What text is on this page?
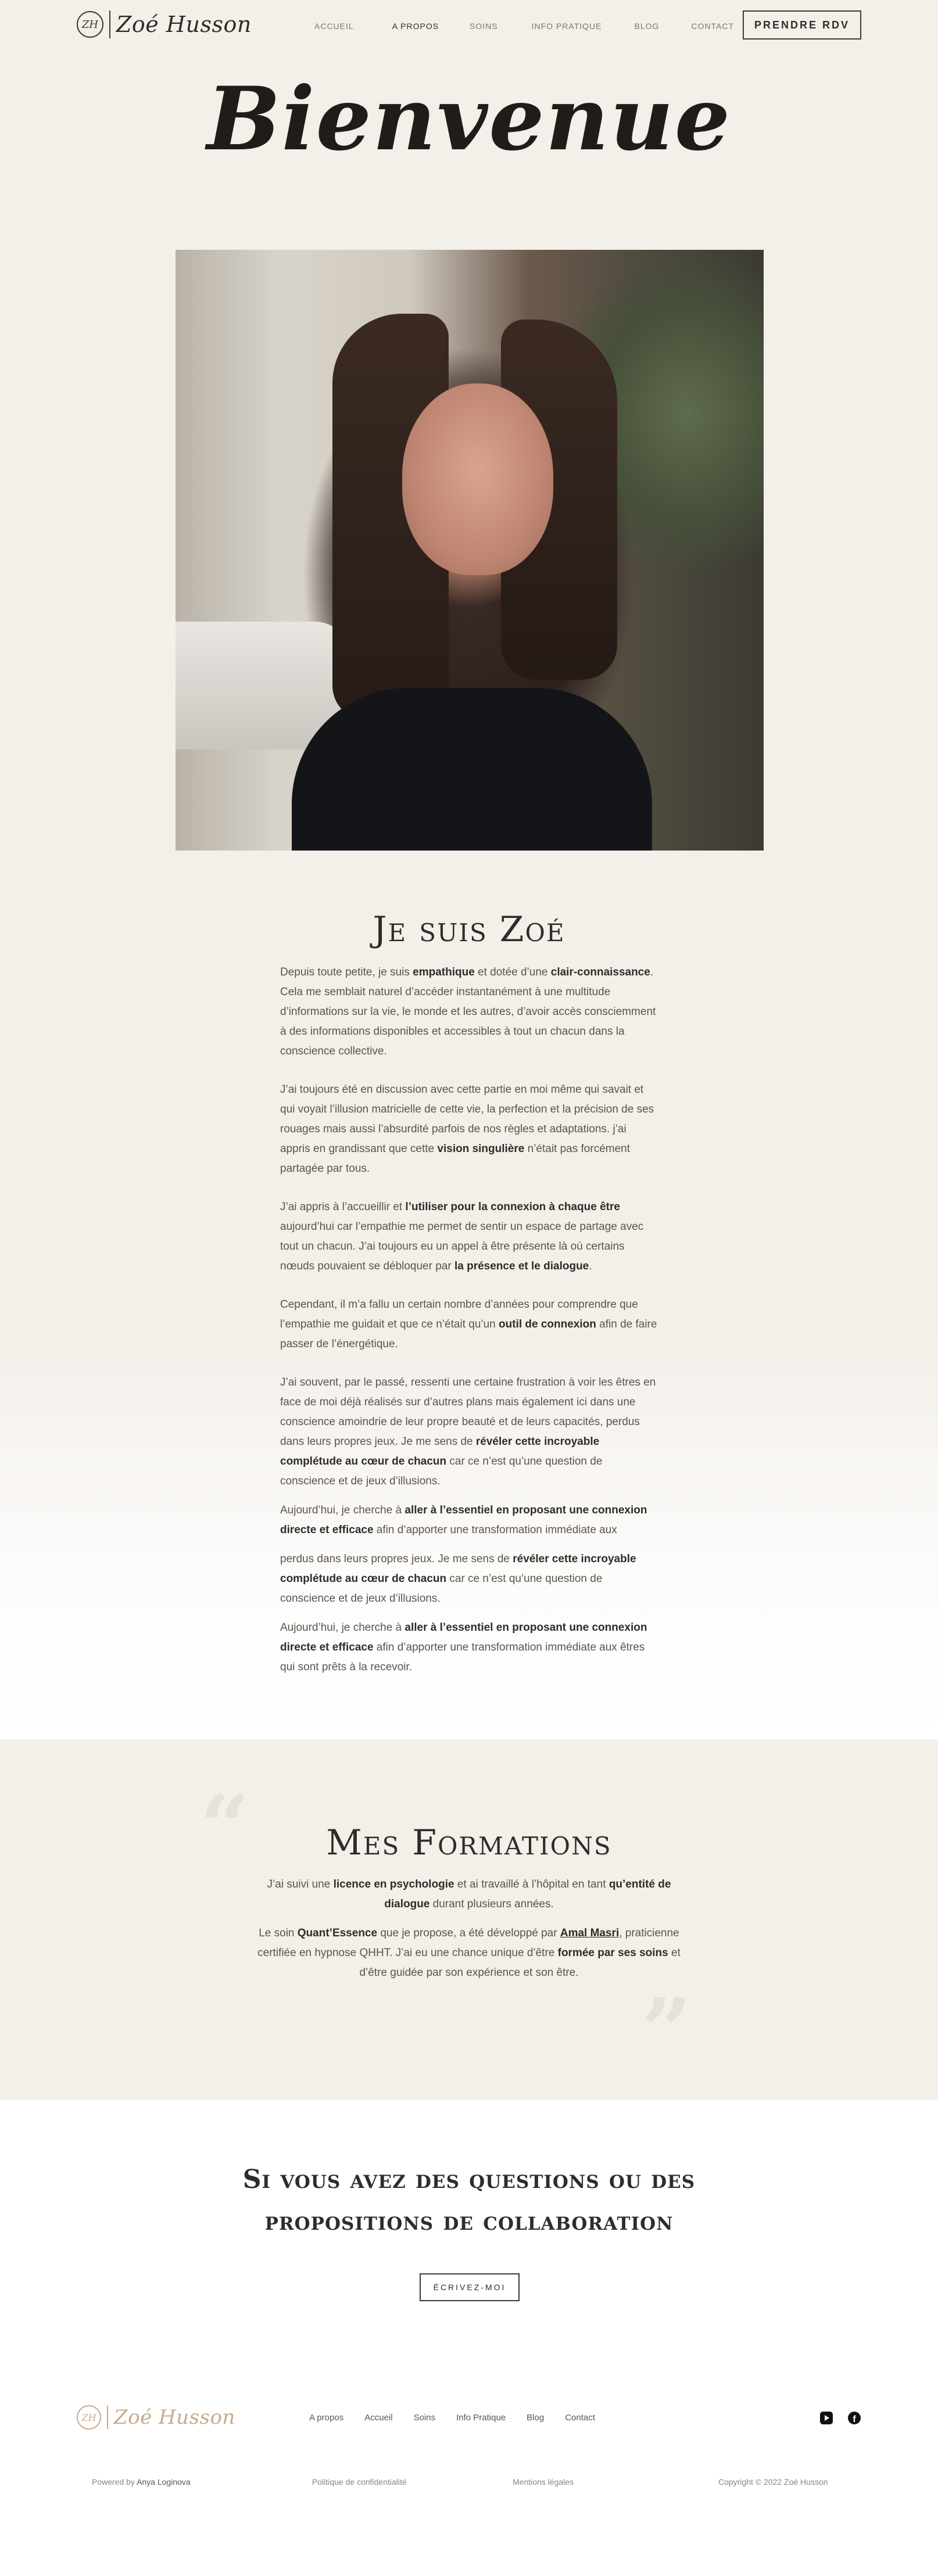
ZH Zoé Husson	ACCUEIL	A PROPOS	SOINS	INFO PRATIQUE	BLOG	CONTACT	PRENDRE RDV
Bienvenue
Je suis Zoé

Depuis toute petite, je suis empathique et dotée d’une clair-connaissance. Cela me semblait naturel d’accéder instantanément à une multitude d’informations sur la vie, le monde et les autres, d’avoir accès consciemment à des informations disponibles et accessibles à tout un chacun dans la conscience collective.

J’ai toujours été en discussion avec cette partie en moi même qui savait et qui voyait l’illusion matricielle de cette vie, la perfection et la précision de ses rouages mais aussi l’absurdité parfois de nos règles et adaptations. j’ai appris en grandissant que cette vision singulière n’était pas forcément partagée par tous.

J’ai appris à l’accueillir et l’utiliser pour la connexion à chaque être aujourd’hui car l’empathie me permet de sentir un espace de partage avec tout un chacun. J’ai toujours eu un appel à être présente là où certains nœuds pouvaient se débloquer par la présence et le dialogue.

Cependant, il m’a fallu un certain nombre d’années pour comprendre que l’empathie me guidait et que ce n’était qu’un outil de connexion afin de faire passer de l’énergétique.

J’ai souvent, par le passé, ressenti une certaine frustration à voir les êtres en face de moi déjà réalisés sur d’autres plans mais également ici dans une conscience amoindrie de leur propre beauté et de leurs capacités, perdus dans leurs propres jeux. Je me sens de révéler cette incroyable complétude au cœur de chacun car ce n’est qu’une question de conscience et de jeux d’illusions.

Aujourd’hui, je cherche à aller à l’essentiel en proposant une connexion directe et efficace afin d’apporter une transformation immédiate aux

perdus dans leurs propres jeux. Je me sens de révéler cette incroyable complétude au cœur de chacun car ce n’est qu’une question de conscience et de jeux d’illusions.

Aujourd’hui, je cherche à aller à l’essentiel en proposant une connexion directe et efficace afin d’apporter une transformation immédiate aux êtres qui sont prêts à la recevoir.

“
”
Mes Formations

J’ai suivi une licence en psychologie et ai travaillé à l’hôpital en tant qu’entité de dialogue durant plusieurs années.

Le soin Quant’Essence que je propose, a été développé par Amal Masri, praticienne certifiée en hypnose QHHT. J’ai eu une chance unique d’être formée par ses soins et d’être guidée par son expérience et son être.

Si vous avez des questions ou des propositions de collaboration
ÉCRIVEZ-MOI
ZH Zoé Husson	A propos Accueil Soins Info Pratique Blog Contact	f
Powered by Anya Loginova	Politique de confidentialité	Mentions légales	Copyright © 2022 Zoé Husson
